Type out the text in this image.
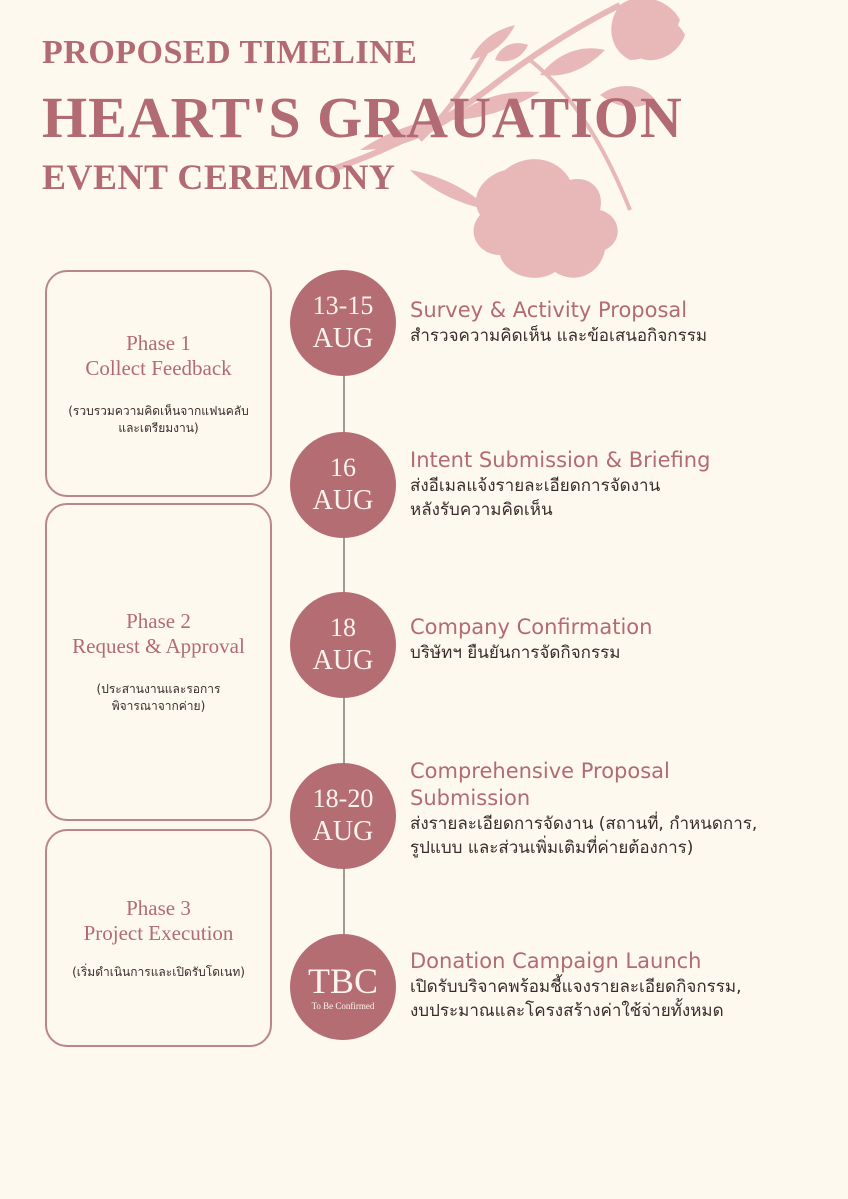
PROPOSED TIMELINE
HEART'S GRAUATION
EVENT CEREMONY
Phase 1
Collect Feedback
(รวบรวมความคิดเห็นจากแฟนคลับ
และเตรียมงาน)
Phase 2
Request & Approval
(ประสานงานและรอการ
พิจารณาจากค่าย)
Phase 3
Project Execution
(เริ่มดำเนินการและเปิดรับโดเนท)
13-15
AUG
Survey & Activity Proposal
สำรวจความคิดเห็น และข้อเสนอกิจกรรม
16
AUG
Intent Submission & Briefing
ส่งอีเมลแจ้งรายละเอียดการจัดงาน
หลังรับความคิดเห็น
18
AUG
Company Confirmation
บริษัทฯ ยืนยันการจัดกิจกรรม
18-20
AUG
Comprehensive Proposal
Submission
ส่งรายละเอียดการจัดงาน (สถานที่, กำหนดการ,
รูปแบบ และส่วนเพิ่มเติมที่ค่ายต้องการ)
TBC
To Be Confirmed
Donation Campaign Launch
เปิดรับบริจาคพร้อมชี้แจงรายละเอียดกิจกรรม,
งบประมาณและโครงสร้างค่าใช้จ่ายทั้งหมด
